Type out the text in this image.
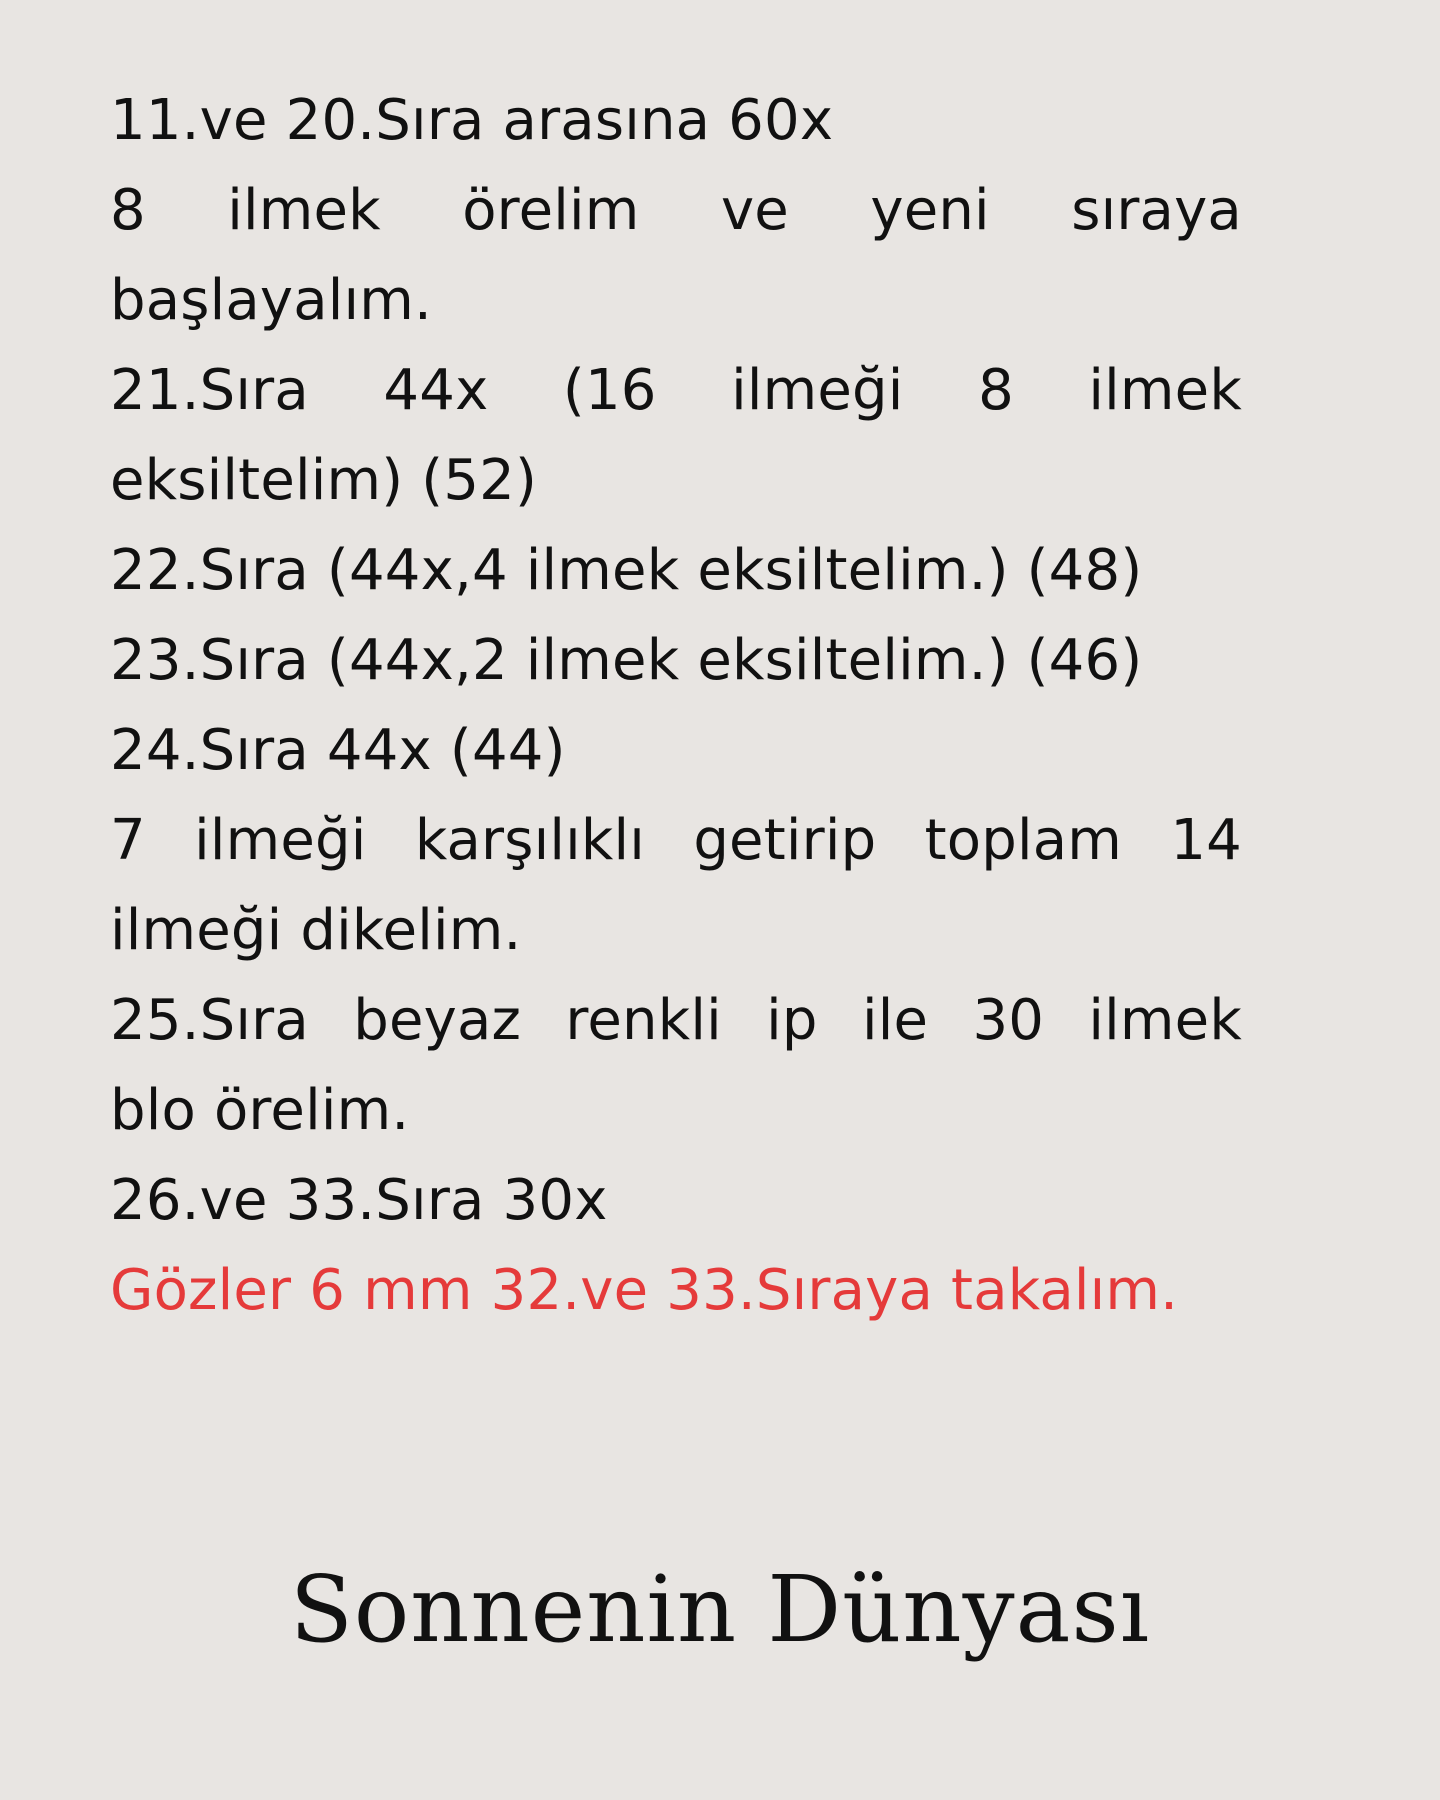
11.ve 20.Sıra arasına 60x
8 ilmek örelim ve yeni sıraya
başlayalım.
21.Sıra 44x (16 ilmeği 8 ilmek
eksiltelim) (52)
22.Sıra (44x,4 ilmek eksiltelim.) (48)
23.Sıra (44x,2 ilmek eksiltelim.) (46)
24.Sıra 44x (44)
7 ilmeği karşılıklı getirip toplam 14
ilmeği dikelim.
25.Sıra beyaz renkli ip ile 30 ilmek
blo örelim.
26.ve 33.Sıra 30x
Gözler 6 mm 32.ve 33.Sıraya takalım.
Sonnenin Dünyası
